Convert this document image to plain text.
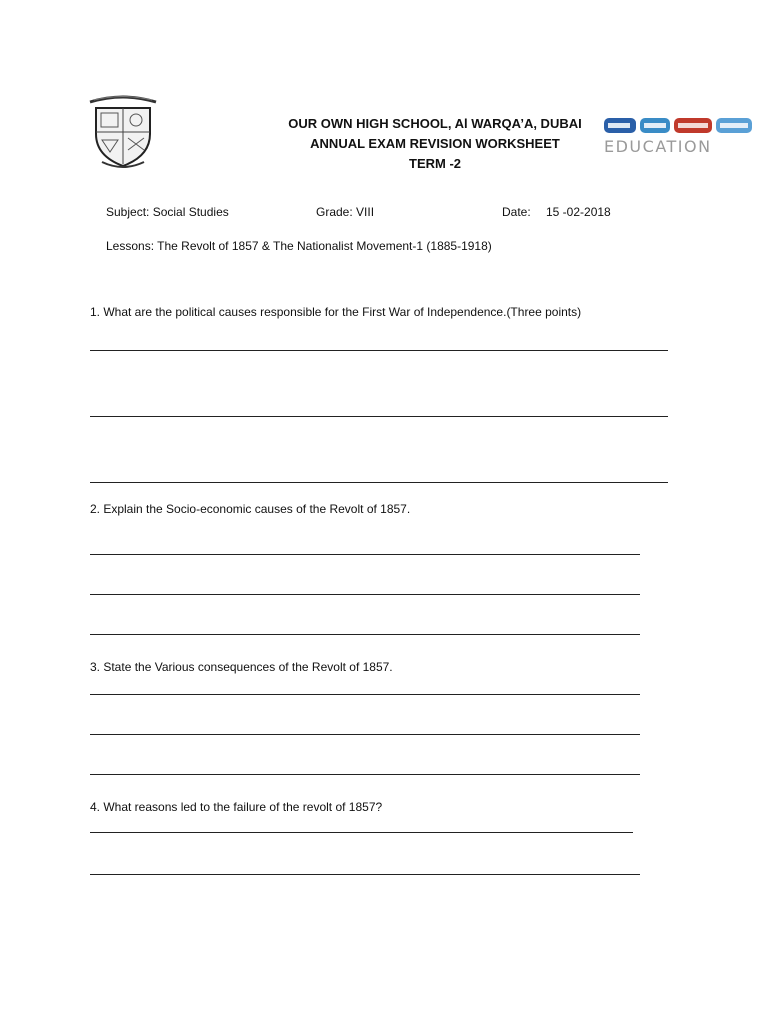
OUR OWN HIGH SCHOOL, Al WARQA’A, DUBAI
ANNUAL EXAM REVISION WORKSHEET
TERM -2
EDUCATION
Subject: Social Studies	Grade: VIII	Date: 15 -02-2018
Lessons: The Revolt of 1857 & The Nationalist Movement-1 (1885-1918)
1. What are the political causes responsible for the First War of Independence.(Three points)
2. Explain the Socio-economic causes of the Revolt of 1857.
3. State the Various consequences of the Revolt of 1857.
4. What reasons led to the failure of the revolt of 1857?
